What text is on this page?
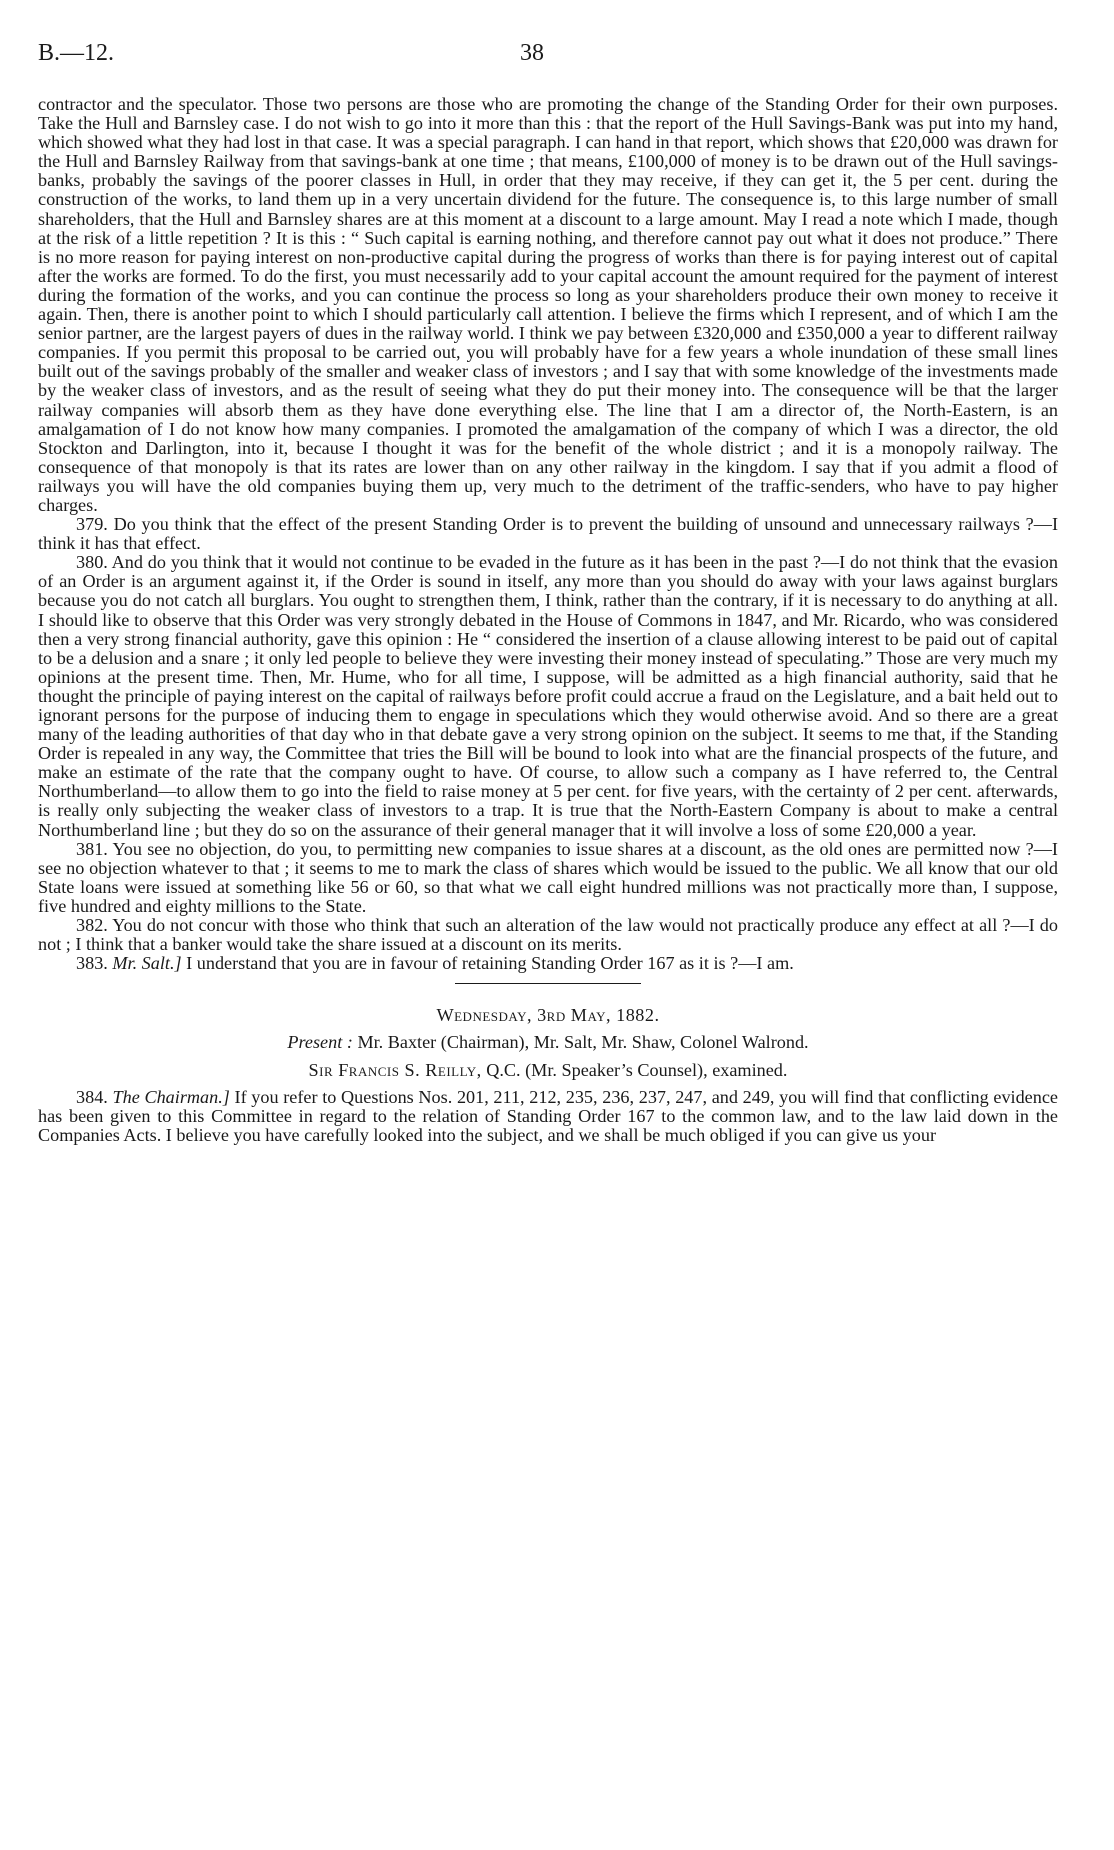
B.—12.	38

contractor and the speculator. Those two persons are those who are promoting the change of the Standing Order for their own purposes. Take the Hull and Barnsley case. I do not wish to go into it more than this : that the report of the Hull Savings-Bank was put into my hand, which showed what they had lost in that case. It was a special paragraph. I can hand in that report, which shows that £20,000 was drawn for the Hull and Barnsley Railway from that savings-bank at one time ; that means, £100,000 of money is to be drawn out of the Hull savings-banks, probably the savings of the poorer classes in Hull, in order that they may receive, if they can get it, the 5 per cent. during the construction of the works, to land them up in a very uncertain dividend for the future. The consequence is, to this large number of small shareholders, that the Hull and Barnsley shares are at this moment at a discount to a large amount. May I read a note which I made, though at the risk of a little repetition ? It is this : “ Such capital is earning nothing, and therefore cannot pay out what it does not produce.” There is no more reason for paying interest on non-productive capital during the progress of works than there is for paying interest out of capital after the works are formed. To do the first, you must necessarily add to your capital account the amount required for the payment of interest during the formation of the works, and you can continue the process so long as your shareholders produce their own money to receive it again. Then, there is another point to which I should particularly call attention. I believe the firms which I represent, and of which I am the senior partner, are the largest payers of dues in the railway world. I think we pay between £320,000 and £350,000 a year to different railway companies. If you permit this proposal to be carried out, you will probably have for a few years a whole inundation of these small lines built out of the savings probably of the smaller and weaker class of investors ; and I say that with some knowledge of the investments made by the weaker class of investors, and as the result of seeing what they do put their money into. The consequence will be that the larger railway companies will absorb them as they have done everything else. The line that I am a director of, the North-Eastern, is an amalgamation of I do not know how many companies. I promoted the amalgamation of the company of which I was a director, the old Stockton and Darlington, into it, because I thought it was for the benefit of the whole district ; and it is a monopoly railway. The consequence of that monopoly is that its rates are lower than on any other railway in the kingdom. I say that if you admit a flood of railways you will have the old companies buying them up, very much to the detriment of the traffic-senders, who have to pay higher charges.

379. Do you think that the effect of the present Standing Order is to prevent the building of unsound and unnecessary railways ?—I think it has that effect.

380. And do you think that it would not continue to be evaded in the future as it has been in the past ?—I do not think that the evasion of an Order is an argument against it, if the Order is sound in itself, any more than you should do away with your laws against burglars because you do not catch all burglars. You ought to strengthen them, I think, rather than the contrary, if it is necessary to do anything at all. I should like to observe that this Order was very strongly debated in the House of Commons in 1847, and Mr. Ricardo, who was considered then a very strong financial authority, gave this opinion : He “ considered the insertion of a clause allowing interest to be paid out of capital to be a delusion and a snare ; it only led people to believe they were investing their money instead of speculating.” Those are very much my opinions at the present time. Then, Mr. Hume, who for all time, I suppose, will be admitted as a high financial authority, said that he thought the principle of paying interest on the capital of railways before profit could accrue a fraud on the Legislature, and a bait held out to ignorant persons for the purpose of inducing them to engage in speculations which they would otherwise avoid. And so there are a great many of the leading authorities of that day who in that debate gave a very strong opinion on the subject. It seems to me that, if the Standing Order is repealed in any way, the Committee that tries the Bill will be bound to look into what are the financial prospects of the future, and make an estimate of the rate that the company ought to have. Of course, to allow such a company as I have referred to, the Central Northumberland—to allow them to go into the field to raise money at 5 per cent. for five years, with the certainty of 2 per cent. afterwards, is really only subjecting the weaker class of investors to a trap. It is true that the North-Eastern Company is about to make a central Northumberland line ; but they do so on the assurance of their general manager that it will involve a loss of some £20,000 a year.

381. You see no objection, do you, to permitting new companies to issue shares at a discount, as the old ones are permitted now ?—I see no objection whatever to that ; it seems to me to mark the class of shares which would be issued to the public. We all know that our old State loans were issued at something like 56 or 60, so that what we call eight hundred millions was not practically more than, I suppose, five hundred and eighty millions to the State.

382. You do not concur with those who think that such an alteration of the law would not practically produce any effect at all ?—I do not ; I think that a banker would take the share issued at a discount on its merits.

383. Mr. Salt.] I understand that you are in favour of retaining Standing Order 167 as it is ?—I am.

Wednesday, 3rd May, 1882.

Present : Mr. Baxter (Chairman), Mr. Salt, Mr. Shaw, Colonel Walrond.

Sir Francis S. Reilly, Q.C. (Mr. Speaker’s Counsel), examined.

384. The Chairman.] If you refer to Questions Nos. 201, 211, 212, 235, 236, 237, 247, and 249, you will find that conflicting evidence has been given to this Committee in regard to the relation of Standing Order 167 to the common law, and to the law laid down in the Companies Acts. I believe you have carefully looked into the subject, and we shall be much obliged if you can give us your
